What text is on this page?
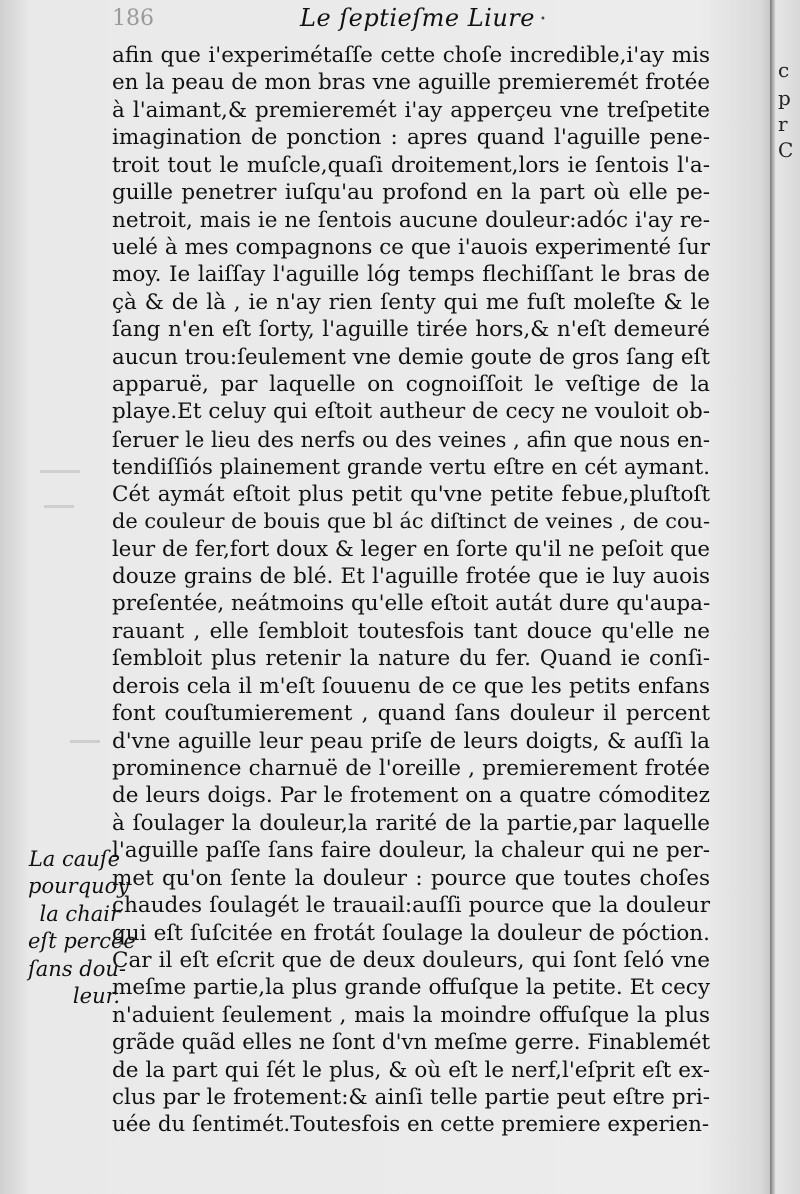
186	Le ſeptieſme Liure •
afin que i'experimétaſſe cette choſe incredible,i'ay mis
en la peau de mon bras vne aguille premieremét frotée
à l'aimant,& premieremét i'ay apperçeu vne treſpetite
imagination de ponction : apres quand l'aguille pene-
troit tout le muſcle,quaſi droitement,lors ie ſentois l'a-
guille penetrer iuſqu'au profond en la part où elle pe-
netroit, mais ie ne ſentois aucune douleur:adóc i'ay re-
uelé à mes compagnons ce que i'auois experimenté ſur
moy. Ie laiſſay l'aguille lóg temps flechiſſant le bras de
çà & de là , ie n'ay rien ſenty qui me fuſt moleſte & le
ſang n'en eſt ſorty, l'aguille tirée hors,& n'eſt demeuré
aucun trou:ſeulement vne demie goute de gros ſang eſt
apparuë, par laquelle on cognoiſſoit le veſtige de la
playe.Et celuy qui eſtoit autheur de cecy ne vouloit ob-
ſeruer le lieu des nerfs ou des veines , afin que nous en-
tendiſſiós plainement grande vertu eſtre en cét aymant.
Cét aymát eſtoit plus petit qu'vne petite febue,pluſtoſt
de couleur de bouis que bl ác diſtinct de veines , de cou-
leur de fer,fort doux & leger en ſorte qu'il ne peſoit que
douze grains de blé. Et l'aguille frotée que ie luy auois
preſentée, neátmoins qu'elle eſtoit autát dure qu'aupa-
rauant , elle ſembloit toutesfois tant douce qu'elle ne
ſembloit plus retenir la nature du fer. Quand ie conſi-
derois cela il m'eſt ſouuenu de ce que les petits enfans
font couſtumierement , quand ſans douleur il percent
d'vne aguille leur peau priſe de leurs doigts, & auſſi la
prominence charnuë de l'oreille , premierement frotée
de leurs doigs. Par le frotement on a quatre cómoditez
à ſoulager la douleur,la rarité de la partie,par laquelle
l'aguille paſſe ſans faire douleur, la chaleur qui ne per-
met qu'on ſente la douleur : pource que toutes choſes
chaudes ſoulagét le trauail:auſſi pource que la douleur
qui eſt ſuſcitée en frotát ſoulage la douleur de póction.
Car il eſt eſcrit que de deux douleurs, qui ſont ſeló vne
meſme partie,la plus grande offuſque la petite. Et cecy
n'aduient ſeulement , mais la moindre offuſque la plus
grãde quãd elles ne ſont d'vn meſme gerre. Finablemét
de la part qui ſét le plus, & où eſt le nerf,l'eſprit eſt ex-
clus par le frotement:& ainſi telle partie peut eſtre pri-
uée du ſentimét.Toutesfois en cette premiere experien-
La cauſe
pourquoy
la chair
eſt percée
ſans dou-
leur.
c
p
r
C
